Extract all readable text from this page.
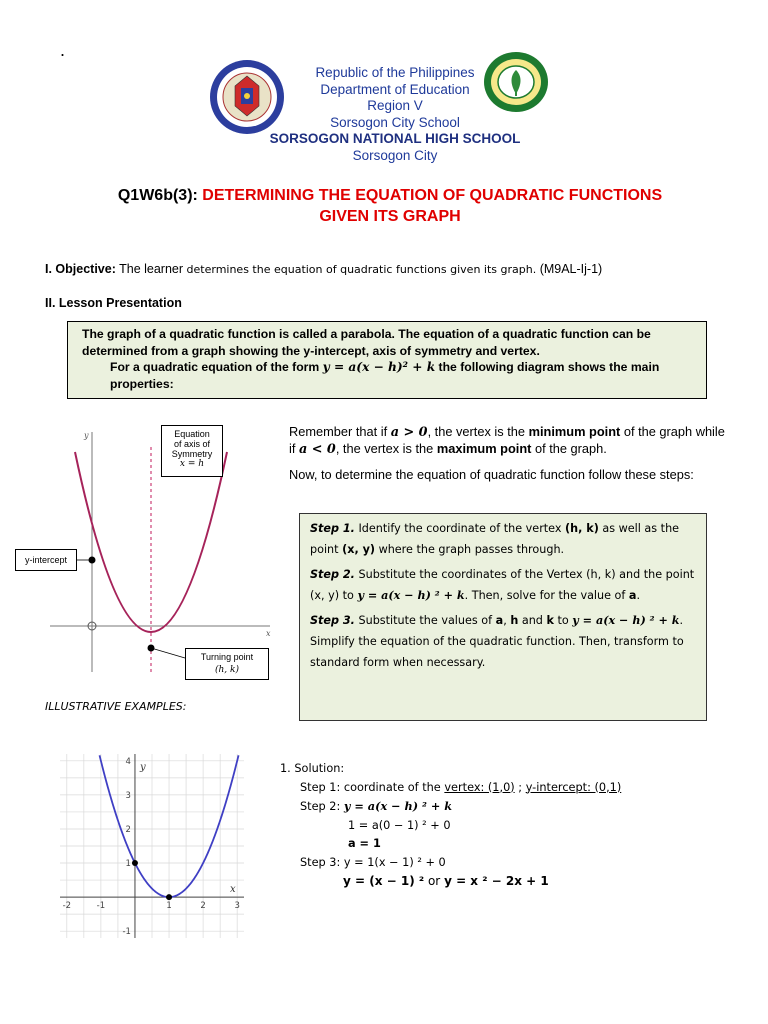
.
Republic of the Philippines
Department of Education
Region V
Sorsogon City School
SORSOGON NATIONAL HIGH SCHOOL
Sorsogon City
Q1W6b(3): DETERMINING THE EQUATION OF QUADRATIC FUNCTIONS
GIVEN ITS GRAPH
I. Objective: The learner determines the equation of quadratic functions given its graph. (M9AL-Ij-1)
II. Lesson Presentation
The graph of a quadratic function is called a parabola. The equation of a quadratic function can be determined from a graph showing the y-intercept, axis of symmetry and vertex.
For a quadratic equation of the form y = a(x − h)² + k the following diagram shows the main properties:
y
x
Equation
of axis of
Symmetry
x = h
y-intercept
Turning point
(h, k)
Remember that if a > 0, the vertex is the minimum point of the graph while if a < 0, the vertex is the maximum point of the graph.
Now, to determine the equation of quadratic function follow these steps:
Step 1. Identify the coordinate of the vertex (h, k) as well as the point (x, y) where the graph passes through.
Step 2. Substitute the coordinates of the Vertex (h, k) and the point (x, y) to y = a(x − h) ² + k. Then, solve for the value of a.
Step 3. Substitute the values of a, h and k to y = a(x − h) ² + k. Simplify the equation of the quadratic function. Then, transform to standard form when necessary.
ILLUSTRATIVE EXAMPLES:
x
y
-2	-1	1	2	3
4
3
2
1
-1
1. Solution:
Step 1: coordinate of the vertex: (1,0) ; y-intercept: (0,1)
Step 2: y = a(x − h) ² + k
1 = a(0 − 1) ² + 0
a = 1
Step 3: y = 1(x − 1) ² + 0
y = (x − 1) ² or y = x ² − 2x + 1
